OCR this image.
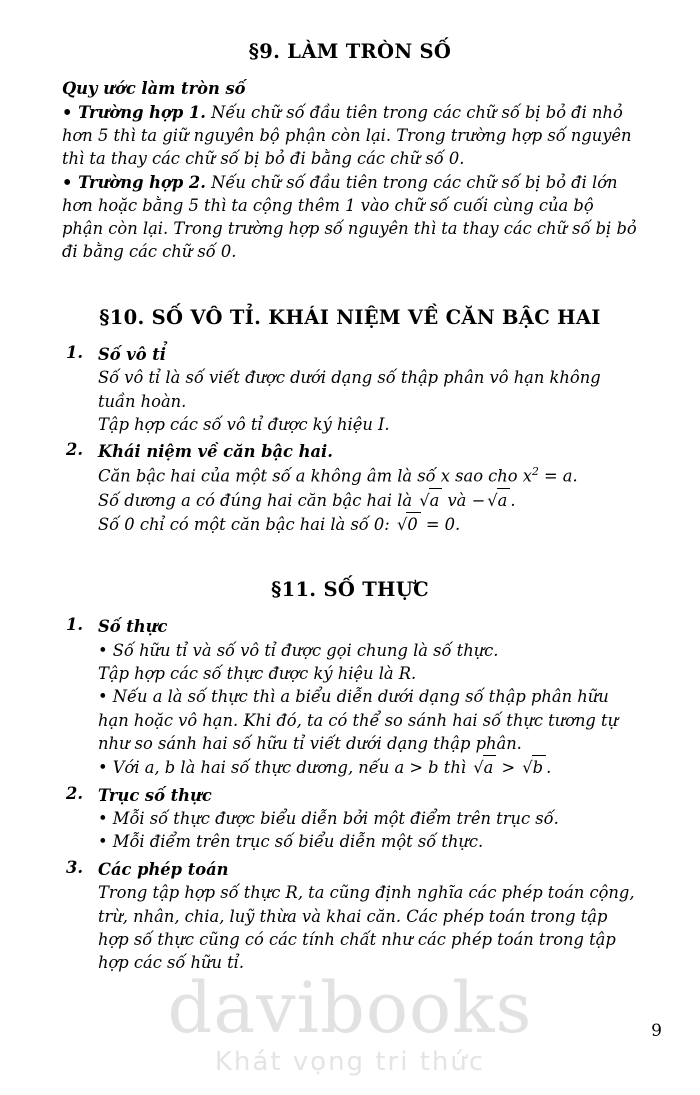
§9. LÀM TRÒN SỐ

Quy ước làm tròn số

• Trường hợp 1. Nếu chữ số đầu tiên trong các chữ số bị bỏ đi nhỏ hơn 5 thì ta giữ nguyên bộ phận còn lại. Trong trường hợp số nguyên thì ta thay các chữ số bị bỏ đi bằng các chữ số 0.

• Trường hợp 2. Nếu chữ số đầu tiên trong các chữ số bị bỏ đi lớn hơn hoặc bằng 5 thì ta cộng thêm 1 vào chữ số cuối cùng của bộ phận còn lại. Trong trường hợp số nguyên thì ta thay các chữ số bị bỏ đi bằng các chữ số 0.

§10. SỐ VÔ TỈ. KHÁI NIỆM VỀ CĂN BẬC HAI
1. Số vô tỉ

Số vô tỉ là số viết được dưới dạng số thập phân vô hạn không tuần hoàn.

Tập hợp các số vô tỉ được ký hiệu I.

2. Khái niệm về căn bậc hai.

Căn bậc hai của một số a không âm là số x sao cho $x^2 = a$.

Số dương a có đúng hai căn bậc hai là √a và − √a .

Số 0 chỉ có một căn bậc hai là số 0: √0 = 0.

§11. SỐ THỰC
1. Số thực

• Số hữu tỉ và số vô tỉ được gọi chung là số thực.

Tập hợp các số thực được ký hiệu là R.

• Nếu a là số thực thì a biểu diễn dưới dạng số thập phân hữu hạn hoặc vô hạn. Khi đó, ta có thể so sánh hai số thực tương tự như so sánh hai số hữu tỉ viết dưới dạng thập phân.

• Với a, b là hai số thực dương, nếu a > b thì √a > √b .

2. Trục số thực

• Mỗi số thực được biểu diễn bởi một điểm trên trục số.

• Mỗi điểm trên trục số biểu diễn một số thực.

3. Các phép toán

Trong tập hợp số thực R, ta cũng định nghĩa các phép toán cộng, trừ, nhân, chia, luỹ thừa và khai căn. Các phép toán trong tập hợp số thực cũng có các tính chất như các phép toán trong tập hợp các số hữu tỉ.

davibooks
Khát vọng tri thức
9
